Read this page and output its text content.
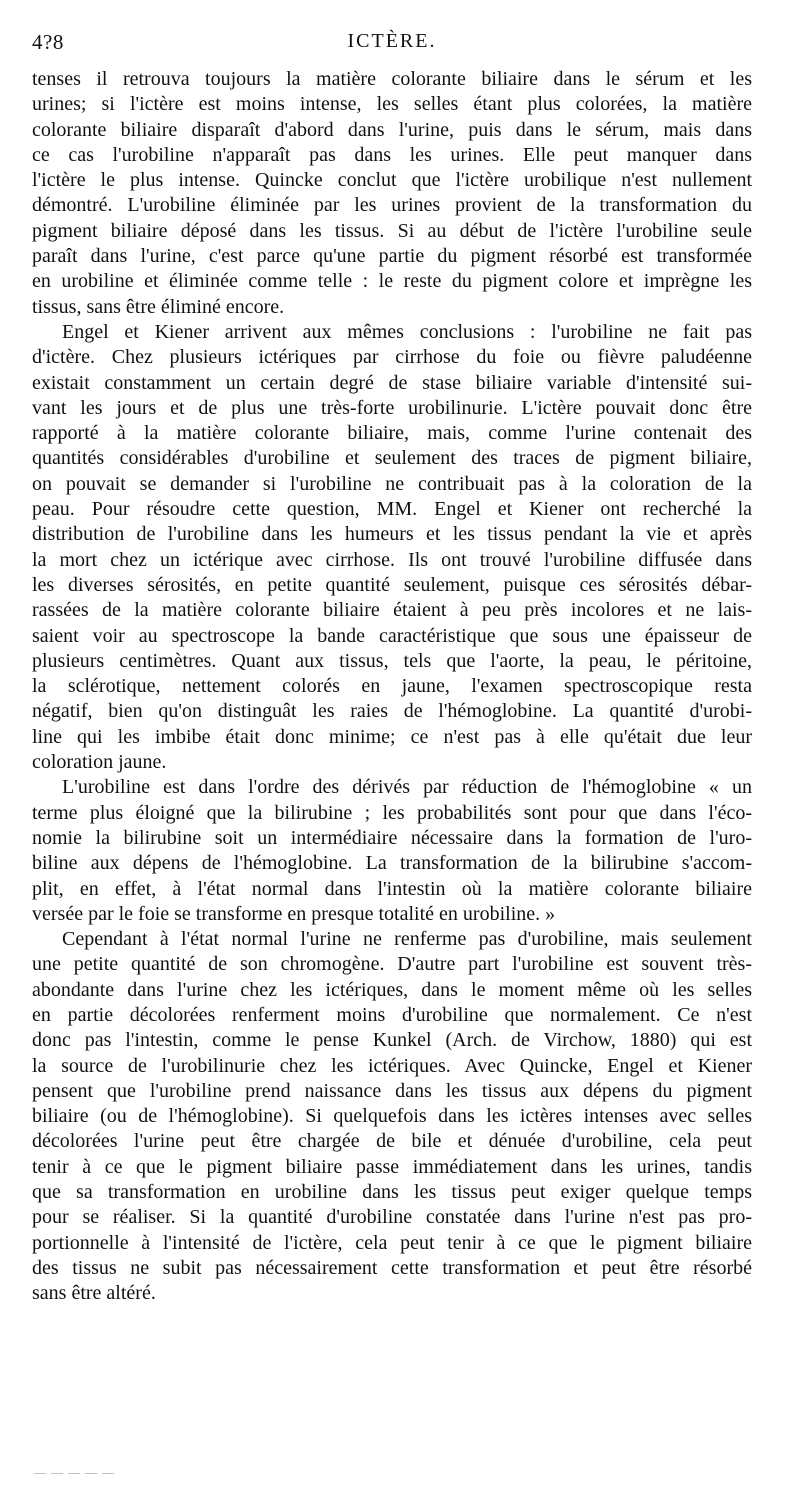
4?8	ICTÈRE.
tenses il retrouva toujours la matière colorante biliaire dans le sérum et les
urines; si l'ictère est moins intense, les selles étant plus colorées, la matière
colorante biliaire disparaît d'abord dans l'urine, puis dans le sérum, mais dans
ce cas l'urobiline n'apparaît pas dans les urines. Elle peut manquer dans
l'ictère le plus intense. Quincke conclut que l'ictère urobilique n'est nullement
démontré. L'urobiline éliminée par les urines provient de la transformation du
pigment biliaire déposé dans les tissus. Si au début de l'ictère l'urobiline seule
paraît dans l'urine, c'est parce qu'une partie du pigment résorbé est transformée
en urobiline et éliminée comme telle : le reste du pigment colore et imprègne les
tissus, sans être éliminé encore.
Engel et Kiener arrivent aux mêmes conclusions : l'urobiline ne fait pas
d'ictère. Chez plusieurs ictériques par cirrhose du foie ou fièvre paludéenne
existait constamment un certain degré de stase biliaire variable d'intensité sui-
vant les jours et de plus une très-forte urobilinurie. L'ictère pouvait donc être
rapporté à la matière colorante biliaire, mais, comme l'urine contenait des
quantités considérables d'urobiline et seulement des traces de pigment biliaire,
on pouvait se demander si l'urobiline ne contribuait pas à la coloration de la
peau. Pour résoudre cette question, MM. Engel et Kiener ont recherché la
distribution de l'urobiline dans les humeurs et les tissus pendant la vie et après
la mort chez un ictérique avec cirrhose. Ils ont trouvé l'urobiline diffusée dans
les diverses sérosités, en petite quantité seulement, puisque ces sérosités débar-
rassées de la matière colorante biliaire étaient à peu près incolores et ne lais-
saient voir au spectroscope la bande caractéristique que sous une épaisseur de
plusieurs centimètres. Quant aux tissus, tels que l'aorte, la peau, le péritoine,
la sclérotique, nettement colorés en jaune, l'examen spectroscopique resta
négatif, bien qu'on distinguât les raies de l'hémoglobine. La quantité d'urobi-
line qui les imbibe était donc minime; ce n'est pas à elle qu'était due leur
coloration jaune.
L'urobiline est dans l'ordre des dérivés par réduction de l'hémoglobine « un
terme plus éloigné que la bilirubine ; les probabilités sont pour que dans l'éco-
nomie la bilirubine soit un intermédiaire nécessaire dans la formation de l'uro-
biline aux dépens de l'hémoglobine. La transformation de la bilirubine s'accom-
plit, en effet, à l'état normal dans l'intestin où la matière colorante biliaire
versée par le foie se transforme en presque totalité en urobiline. »
Cependant à l'état normal l'urine ne renferme pas d'urobiline, mais seulement
une petite quantité de son chromogène. D'autre part l'urobiline est souvent très-
abondante dans l'urine chez les ictériques, dans le moment même où les selles
en partie décolorées renferment moins d'urobiline que normalement. Ce n'est
donc pas l'intestin, comme le pense Kunkel (Arch. de Virchow, 1880) qui est
la source de l'urobilinurie chez les ictériques. Avec Quincke, Engel et Kiener
pensent que l'urobiline prend naissance dans les tissus aux dépens du pigment
biliaire (ou de l'hémoglobine). Si quelquefois dans les ictères intenses avec selles
décolorées l'urine peut être chargée de bile et dénuée d'urobiline, cela peut
tenir à ce que le pigment biliaire passe immédiatement dans les urines, tandis
que sa transformation en urobiline dans les tissus peut exiger quelque temps
pour se réaliser. Si la quantité d'urobiline constatée dans l'urine n'est pas pro-
portionnelle à l'intensité de l'ictère, cela peut tenir à ce que le pigment biliaire
des tissus ne subit pas nécessairement cette transformation et peut être résorbé
sans être altéré.
— — — — —
